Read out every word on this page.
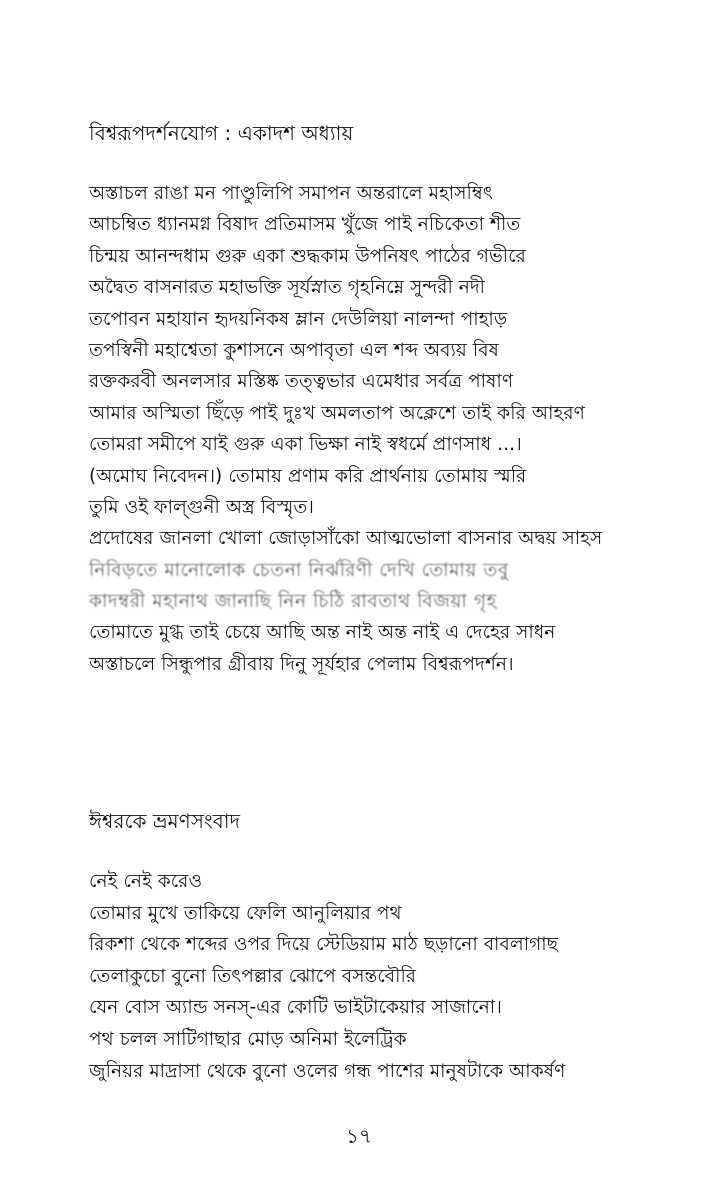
বিশ্বরূপদর্শনযোগ : একাদশ অধ্যায়
অস্তাচল রাঙা মন পাণ্ডুলিপি সমাপন অন্তরালে মহাসম্বিৎ
আচম্বিত ধ্যানমগ্ন বিষাদ প্রতিমাসম খুঁজে পাই নচিকেতা শীত
চিন্ময় আনন্দধাম গুরু একা শুদ্ধকাম উপনিষৎ পাঠের গভীরে
অদ্বৈত বাসনারত মহাভক্তি সূর্যস্নাত গৃহনিম্নে সুন্দরী নদী
তপোবন মহাযান হৃদয়নিকষ ম্লান দেউলিয়া নালন্দা পাহাড়
তপস্বিনী মহাশ্বেতা কুশাসনে অপাবৃতা এল শব্দ অব্যয় বিষ
রক্তকরবী অনলসার মস্তিষ্ক তত্ত্বভার এমেধার সর্বত্র পাষাণ
আমার অস্মিতা ছিঁড়ে পাই দুঃখ অমলতাপ অক্লেশে তাই করি আহরণ
তোমরা সমীপে যাই গুরু একা ভিক্ষা নাই স্বধর্মে প্রাণসাধ ...।
(অমোঘ নিবেদন।) তোমায় প্রণাম করি প্রার্থনায় তোমায় স্মরি
তুমি ওই ফাল্গুনী অস্ত্র বিস্মৃত।
প্রদোষের জানলা খোলা জোড়াসাঁকো আত্মভোলা বাসনার অদ্বয় সাহস
নিবিড়তে মানোলোক চেতনা নির্ঝরিণী দেখি তোমায় তবু
কাদম্বরী মহানাথ জানাছি নিন চিঠি রাবতাথ বিজয়া গৃহ
তোমাতে মুগ্ধ তাই চেয়ে আছি অন্ত নাই অন্ত নাই এ দেহের সাধন
অস্তাচলে সিন্ধুপার গ্রীবায় দিনু সূর্যহার পেলাম বিশ্বরূপদর্শন।
ঈশ্বরকে ভ্রমণসংবাদ
নেই নেই করেও
তোমার মুখে তাকিয়ে ফেলি আনুলিয়ার পথ
রিকশা থেকে শব্দের ওপর দিয়ে স্টেডিয়াম মাঠ ছড়ানো বাবলাগাছ
তেলাকুচো বুনো তিৎপল্লার ঝোপে বসন্তবৌরি
যেন বোস অ্যান্ড সনস্-এর কোটি ভাইটাকেয়ার সাজানো।
পথ চলল সাটিগাছার মোড় অনিমা ইলেট্রিক
জুনিয়র মাদ্রাসা থেকে বুনো ওলের গন্ধ পাশের মানুষটাকে আকর্ষণ
১৭
